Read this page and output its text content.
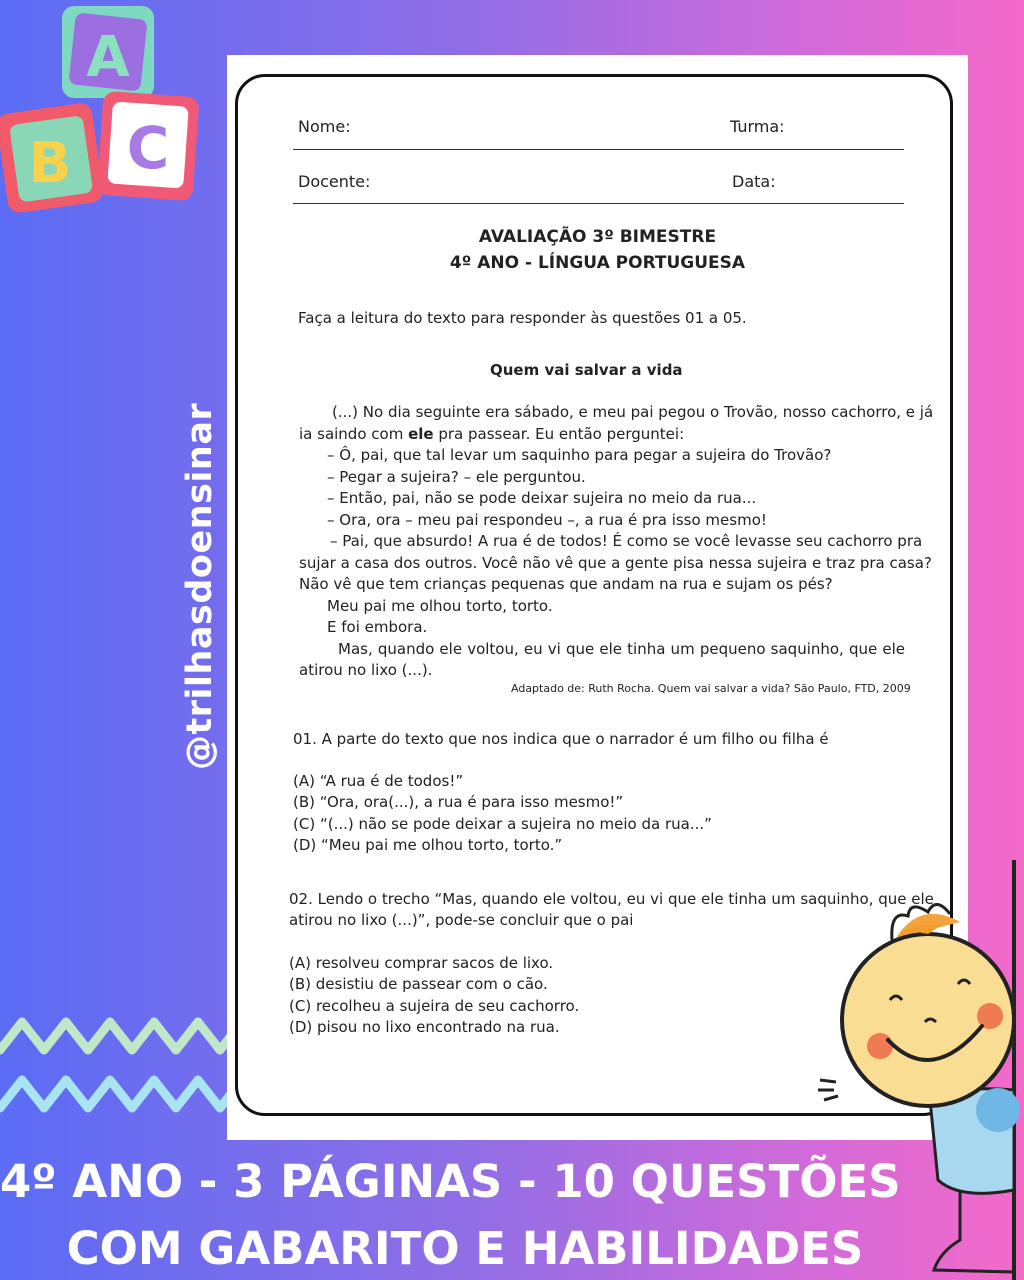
A
B C
@trilhasdoensinar
Nome:	Turma:
Docente:	Data:
AVALIAÇÃO 3º BIMESTRE
4º ANO - LÍNGUA PORTUGUESA
Faça a leitura do texto para responder às questões 01 a 05.
Quem vai salvar a vida
(...) No dia seguinte era sábado, e meu pai pegou o Trovão, nosso cachorro, e já
ia saindo com ele pra passear. Eu então perguntei:
– Ô, pai, que tal levar um saquinho para pegar a sujeira do Trovão?
– Pegar a sujeira? – ele perguntou.
– Então, pai, não se pode deixar sujeira no meio da rua...
– Ora, ora – meu pai respondeu –, a rua é pra isso mesmo!
– Pai, que absurdo! A rua é de todos! É como se você levasse seu cachorro pra
sujar a casa dos outros. Você não vê que a gente pisa nessa sujeira e traz pra casa?
Não vê que tem crianças pequenas que andam na rua e sujam os pés?
Meu pai me olhou torto, torto.
E foi embora.
Mas, quando ele voltou, eu vi que ele tinha um pequeno saquinho, que ele
atirou no lixo (...).
Adaptado de: Ruth Rocha. Quem vai salvar a vida? São Paulo, FTD, 2009
01. A parte do texto que nos indica que o narrador é um filho ou filha é
(A) “A rua é de todos!”
(B) “Ora, ora(...), a rua é para isso mesmo!”
(C) “(...) não se pode deixar a sujeira no meio da rua...”
(D) “Meu pai me olhou torto, torto.”
02. Lendo o trecho “Mas, quando ele voltou, eu vi que ele tinha um saquinho, que ele
atirou no lixo (...)”, pode-se concluir que o pai
(A) resolveu comprar sacos de lixo.
(B) desistiu de passear com o cão.
(C) recolheu a sujeira de seu cachorro.
(D) pisou no lixo encontrado na rua.
4º ANO - 3 PÁGINAS - 10 QUESTÕES
COM GABARITO E HABILIDADES
